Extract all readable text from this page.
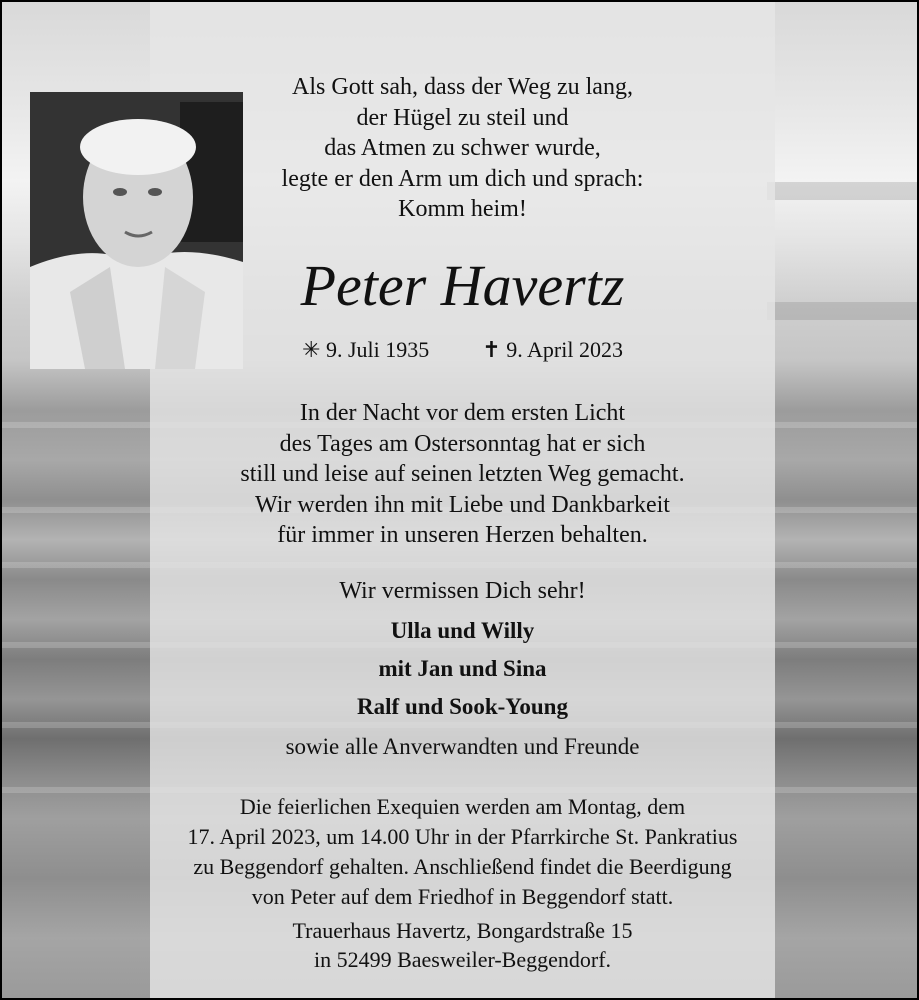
Als Gott sah, dass der Weg zu lang,
der Hügel zu steil und
das Atmen zu schwer wurde,
legte er den Arm um dich und sprach:
Komm heim!
Peter Havertz
✳ 9. Juli 1935 ✝ 9. April 2023
In der Nacht vor dem ersten Licht
des Tages am Ostersonntag hat er sich
still und leise auf seinen letzten Weg gemacht.
Wir werden ihn mit Liebe und Dankbarkeit
für immer in unseren Herzen behalten.
Wir vermissen Dich sehr!
Ulla und Willy
mit Jan und Sina
Ralf und Sook-Young
sowie alle Anverwandten und Freunde
Die feierlichen Exequien werden am Montag, dem
17. April 2023, um 14.00 Uhr in der Pfarrkirche St. Pankratius
zu Beggendorf gehalten. Anschließend findet die Beerdigung
von Peter auf dem Friedhof in Beggendorf statt.
Trauerhaus Havertz, Bongardstraße 15
in 52499 Baesweiler-Beggendorf.
